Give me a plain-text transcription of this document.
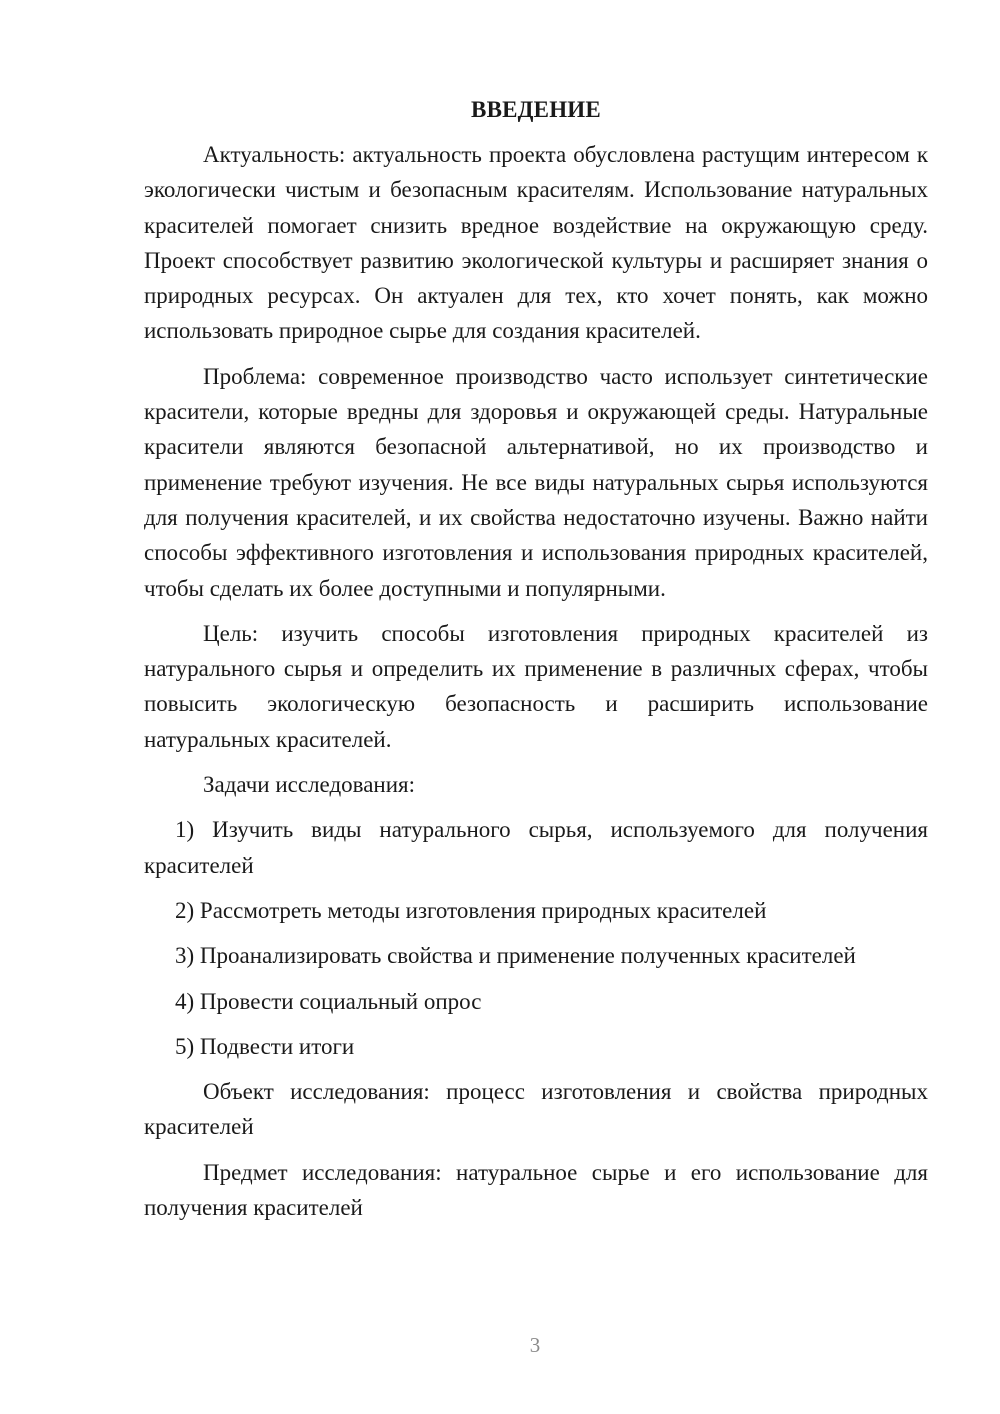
ВВЕДЕНИЕ

Актуальность: актуальность проекта обусловлена растущим интересом к экологически чистым и безопасным красителям. Использование натуральных красителей помогает снизить вредное воздействие на окружающую среду. Проект способствует развитию экологической культуры и расширяет знания о природных ресурсах. Он актуален для тех, кто хочет понять, как можно использовать природное сырье для создания красителей.

Проблема: современное производство часто использует синтетические красители, которые вредны для здоровья и окружающей среды. Натуральные красители являются безопасной альтернативой, но их производство и применение требуют изучения. Не все виды натуральных сырья используются для получения красителей, и их свойства недостаточно изучены. Важно найти способы эффективного изготовления и использования природных красителей, чтобы сделать их более доступными и популярными.

Цель: изучить способы изготовления природных красителей из натурального сырья и определить их применение в различных сферах, чтобы повысить экологическую безопасность и расширить использование натуральных красителей.

Задачи исследования:

1) Изучить виды натурального сырья, используемого для получения красителей

2) Рассмотреть методы изготовления природных красителей

3) Проанализировать свойства и применение полученных красителей

4) Провести социальный опрос

5) Подвести итоги

Объект исследования: процесс изготовления и свойства природных красителей

Предмет исследования: натуральное сырье и его использование для получения красителей

3
